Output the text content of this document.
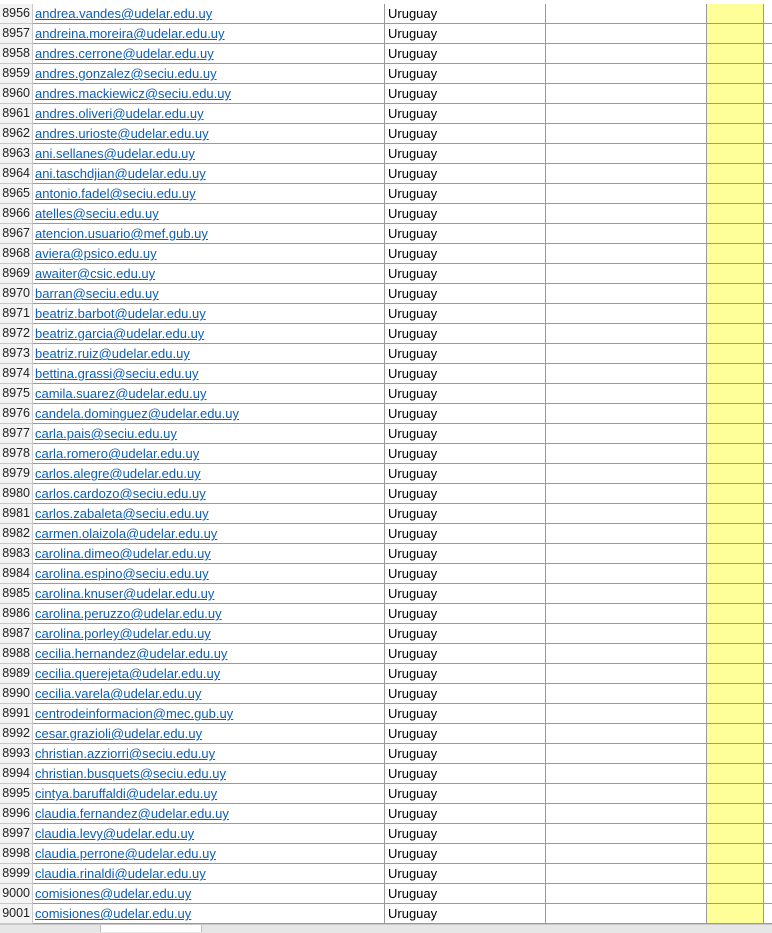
8956 andrea.vandes@udelar.edu.uy	Uruguay
8957 andreina.moreira@udelar.edu.uy	Uruguay
8958 andres.cerrone@udelar.edu.uy	Uruguay
8959 andres.gonzalez@seciu.edu.uy	Uruguay
8960 andres.mackiewicz@seciu.edu.uy	Uruguay
8961 andres.oliveri@udelar.edu.uy	Uruguay
8962 andres.urioste@udelar.edu.uy	Uruguay
8963 ani.sellanes@udelar.edu.uy	Uruguay
8964 ani.taschdjian@udelar.edu.uy	Uruguay
8965 antonio.fadel@seciu.edu.uy	Uruguay
8966 atelles@seciu.edu.uy	Uruguay
8967 atencion.usuario@mef.gub.uy	Uruguay
8968 aviera@psico.edu.uy	Uruguay
8969 awaiter@csic.edu.uy	Uruguay
8970 barran@seciu.edu.uy	Uruguay
8971 beatriz.barbot@udelar.edu.uy	Uruguay
8972 beatriz.garcia@udelar.edu.uy	Uruguay
8973 beatriz.ruiz@udelar.edu.uy	Uruguay
8974 bettina.grassi@seciu.edu.uy	Uruguay
8975 camila.suarez@udelar.edu.uy	Uruguay
8976 candela.dominguez@udelar.edu.uy	Uruguay
8977 carla.pais@seciu.edu.uy	Uruguay
8978 carla.romero@udelar.edu.uy	Uruguay
8979 carlos.alegre@udelar.edu.uy	Uruguay
8980 carlos.cardozo@seciu.edu.uy	Uruguay
8981 carlos.zabaleta@seciu.edu.uy	Uruguay
8982 carmen.olaizola@udelar.edu.uy	Uruguay
8983 carolina.dimeo@udelar.edu.uy	Uruguay
8984 carolina.espino@seciu.edu.uy	Uruguay
8985 carolina.knuser@udelar.edu.uy	Uruguay
8986 carolina.peruzzo@udelar.edu.uy	Uruguay
8987 carolina.porley@udelar.edu.uy	Uruguay
8988 cecilia.hernandez@udelar.edu.uy	Uruguay
8989 cecilia.querejeta@udelar.edu.uy	Uruguay
8990 cecilia.varela@udelar.edu.uy	Uruguay
8991 centrodeinformacion@mec.gub.uy	Uruguay
8992 cesar.grazioli@udelar.edu.uy	Uruguay
8993 christian.azziorri@seciu.edu.uy	Uruguay
8994 christian.busquets@seciu.edu.uy	Uruguay
8995 cintya.baruffaldi@udelar.edu.uy	Uruguay
8996 claudia.fernandez@udelar.edu.uy	Uruguay
8997 claudia.levy@udelar.edu.uy	Uruguay
8998 claudia.perrone@udelar.edu.uy	Uruguay
8999 claudia.rinaldi@udelar.edu.uy	Uruguay
9000 comisiones@udelar.edu.uy	Uruguay
9001 comisiones@udelar.edu.uy	Uruguay
